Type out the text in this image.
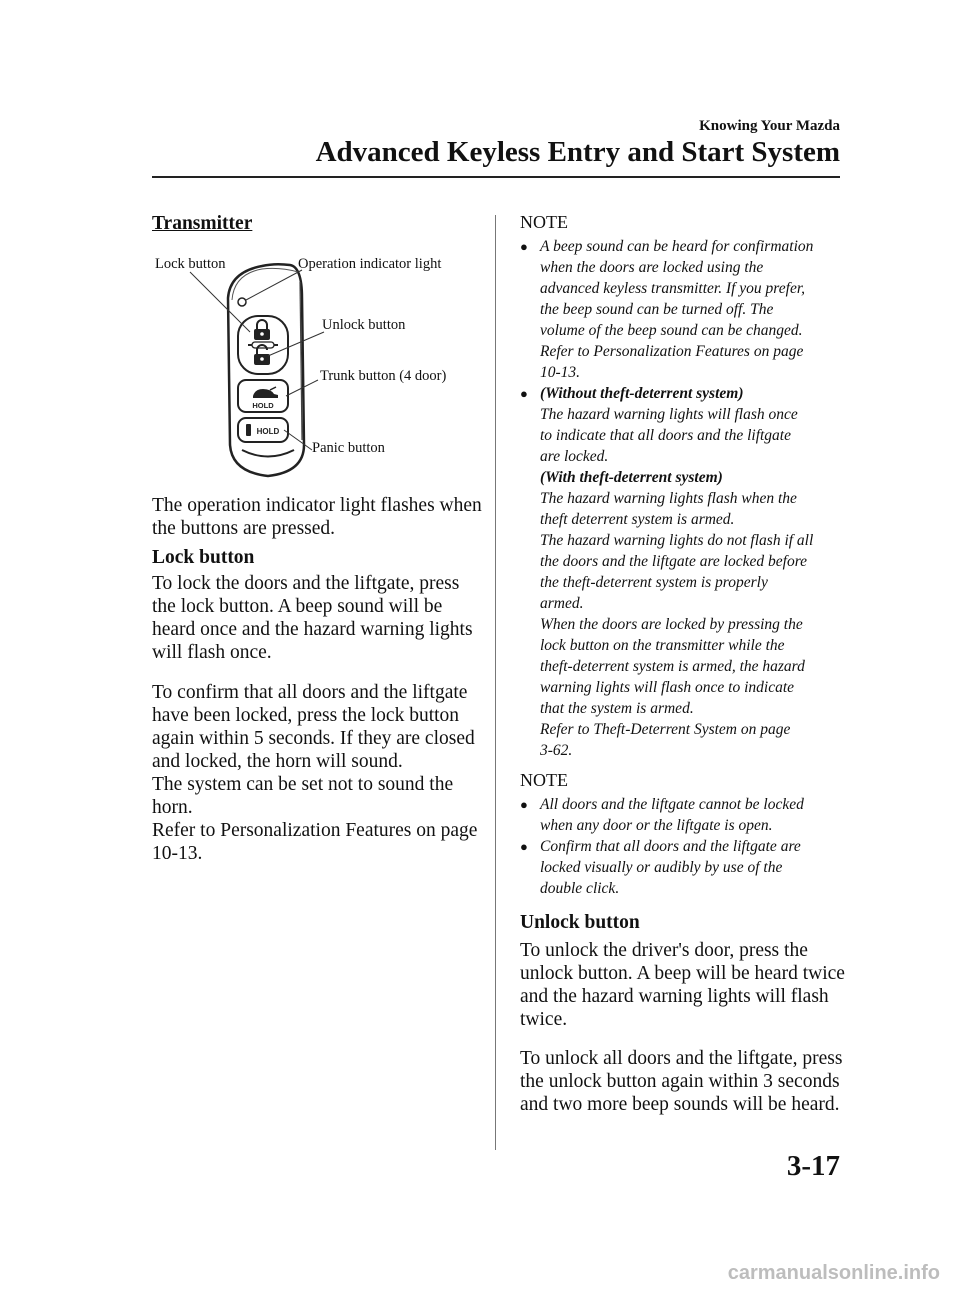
Knowing Your Mazda
Advanced Keyless Entry and Start System
Transmitter
HOLD
HOLD
Lock button	Operation indicator light
Unlock button
Trunk button (4 door)
Panic button
The operation indicator light flashes when
the buttons are pressed.
Lock button
To lock the doors and the liftgate, press
the lock button. A beep sound will be
heard once and the hazard warning lights
will flash once.
To confirm that all doors and the liftgate
have been locked, press the lock button
again within 5 seconds. If they are closed
and locked, the horn will sound.
The system can be set not to sound the
horn.
Refer to Personalization Features on page
10-13.
NOTE
● A beep sound can be heard for confirmation
when the doors are locked using the
advanced keyless transmitter. If you prefer,
the beep sound can be turned off. The
volume of the beep sound can be changed.
Refer to Personalization Features on page
10-13.
● (Without theft-deterrent system)
The hazard warning lights will flash once
to indicate that all doors and the liftgate
are locked.
(With theft-deterrent system)
The hazard warning lights flash when the
theft deterrent system is armed.
The hazard warning lights do not flash if all
the doors and the liftgate are locked before
the theft-deterrent system is properly
armed.
When the doors are locked by pressing the
lock button on the transmitter while the
theft-deterrent system is armed, the hazard
warning lights will flash once to indicate
that the system is armed.
Refer to Theft-Deterrent System on page
3-62.
NOTE
● All doors and the liftgate cannot be locked
when any door or the liftgate is open.
● Confirm that all doors and the liftgate are
locked visually or audibly by use of the
double click.
Unlock button
To unlock the driver's door, press the
unlock button. A beep will be heard twice
and the hazard warning lights will flash
twice.
To unlock all doors and the liftgate, press
the unlock button again within 3 seconds
and two more beep sounds will be heard.
3-17
carmanualsonline.info
